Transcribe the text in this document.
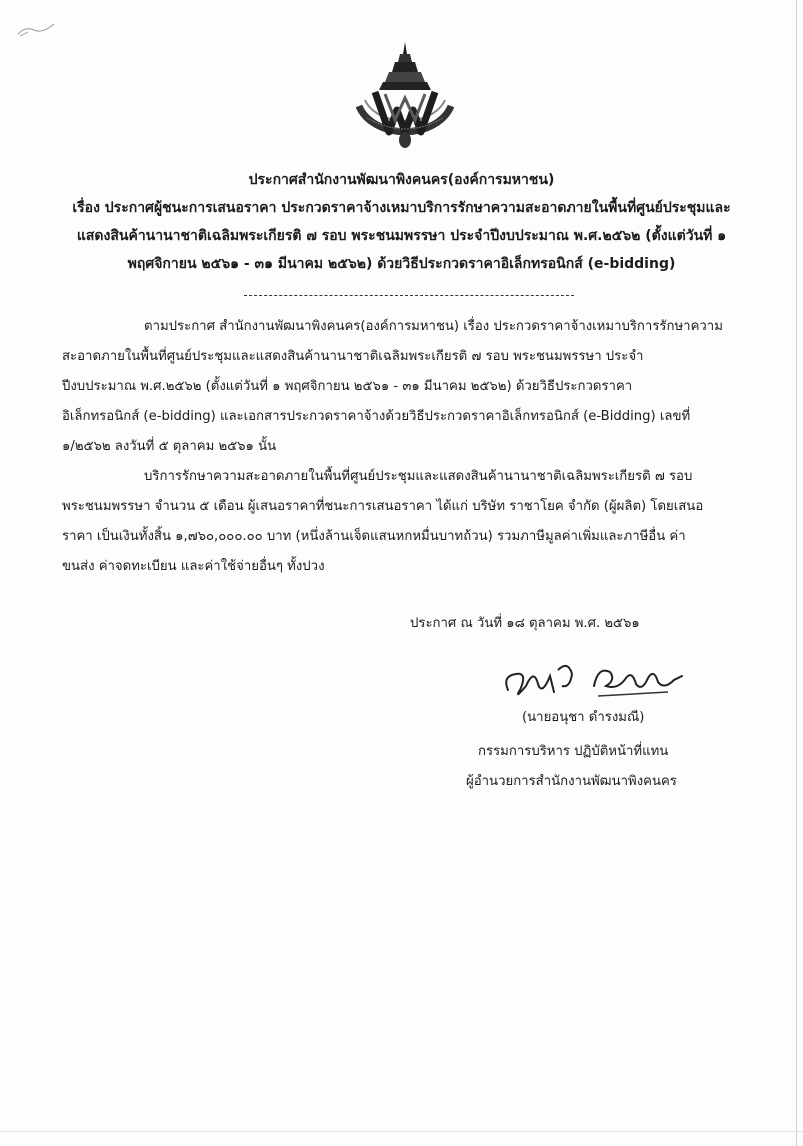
ประกาศสำนักงานพัฒนาพิงคนคร(องค์การมหาชน)
เรื่อง ประกาศผู้ชนะการเสนอราคา ประกวดราคาจ้างเหมาบริการรักษาความสะอาดภายในพื้นที่ศูนย์ประชุมและ
แสดงสินค้านานาชาติเฉลิมพระเกียรติ ๗ รอบ พระชนมพรรษา ประจำปีงบประมาณ พ.ศ.๒๕๖๒ (ตั้งแต่วันที่ ๑
พฤศจิกายน ๒๕๖๑ - ๓๑ มีนาคม ๒๕๖๒) ด้วยวิธีประกวดราคาอิเล็กทรอนิกส์ (e-bidding)
ตามประกาศ สำนักงานพัฒนาพิงคนคร(องค์การมหาชน) เรื่อง ประกวดราคาจ้างเหมาบริการรักษาความ
สะอาดภายในพื้นที่ศูนย์ประชุมและแสดงสินค้านานาชาติเฉลิมพระเกียรติ ๗ รอบ พระชนมพรรษา ประจำ
ปีงบประมาณ พ.ศ.๒๕๖๒ (ตั้งแต่วันที่ ๑ พฤศจิกายน ๒๕๖๑ - ๓๑ มีนาคม ๒๕๖๒) ด้วยวิธีประกวดราคา
อิเล็กทรอนิกส์ (e-bidding) และเอกสารประกวดราคาจ้างด้วยวิธีประกวดราคาอิเล็กทรอนิกส์ (e-Bidding) เลขที่
๑/๒๕๖๒ ลงวันที่ ๕ ตุลาคม ๒๕๖๑ นั้น
บริการรักษาความสะอาดภายในพื้นที่ศูนย์ประชุมและแสดงสินค้านานาชาติเฉลิมพระเกียรติ ๗ รอบ
พระชนมพรรษา จำนวน ๕ เดือน ผู้เสนอราคาที่ชนะการเสนอราคา ได้แก่ บริษัท ราชาโยค จำกัด (ผู้ผลิต) โดยเสนอ
ราคา เป็นเงินทั้งสิ้น ๑,๗๖๐,๐๐๐.๐๐ บาท (หนึ่งล้านเจ็ดแสนหกหมื่นบาทถ้วน) รวมภาษีมูลค่าเพิ่มและภาษีอื่น ค่า
ขนส่ง ค่าจดทะเบียน และค่าใช้จ่ายอื่นๆ ทั้งปวง
ประกาศ ณ วันที่ ๑๘ ตุลาคม พ.ศ. ๒๕๖๑
(นายอนุชา ดำรงมณี)
กรรมการบริหาร ปฏิบัติหน้าที่แทน
ผู้อำนวยการสำนักงานพัฒนาพิงคนคร
